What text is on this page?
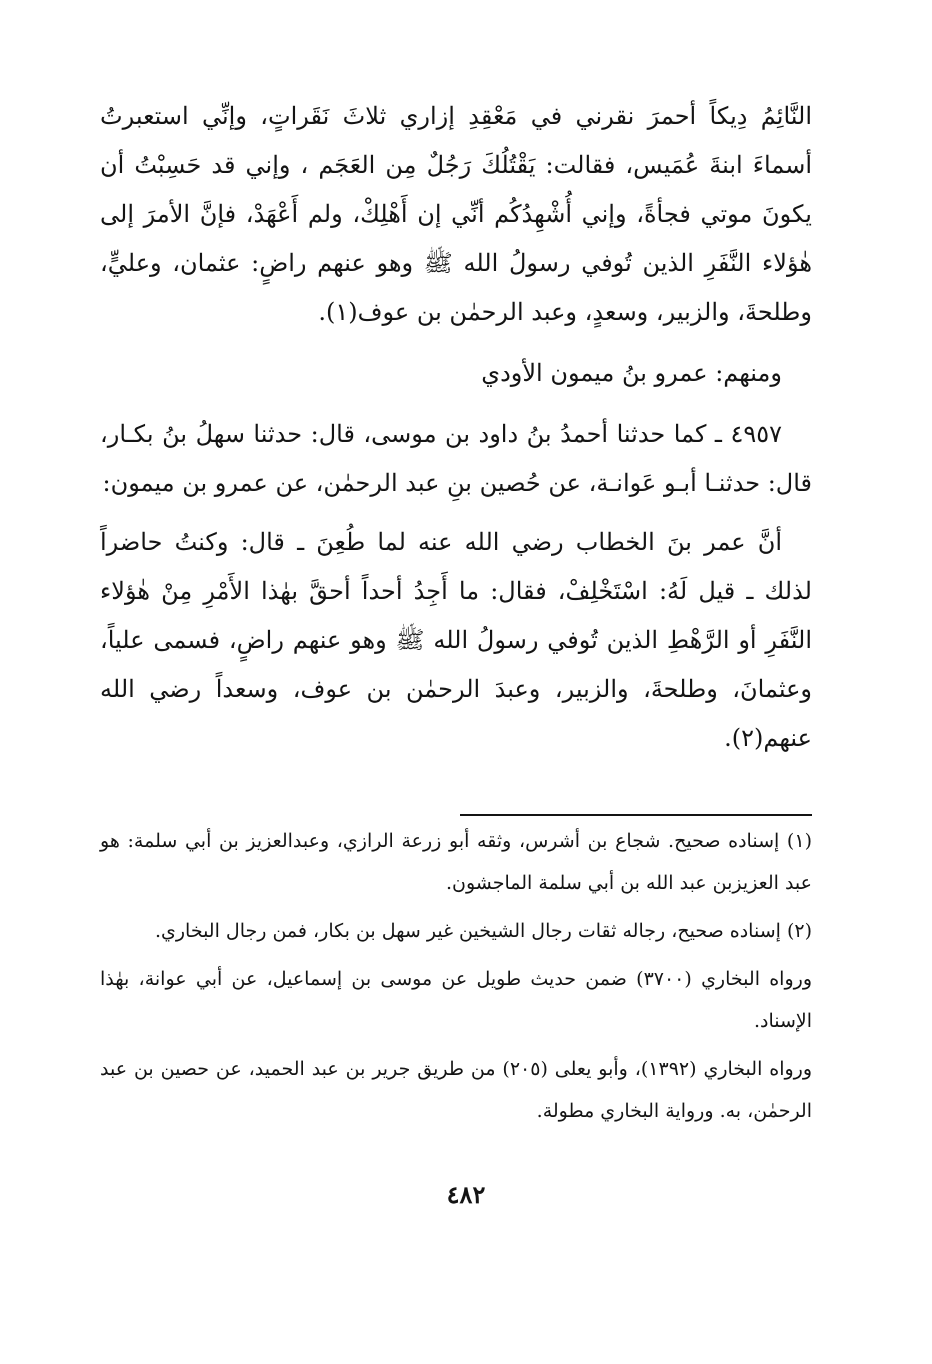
النَّائِمُ دِيكاً أحمرَ نقرني في مَعْقِدِ إزاري ثلاثَ نَقَراتٍ، وإنِّي استعبرتُ أسماءَ ابنةَ عُمَيس، فقالت: يَقْتُلُكَ رَجُلٌ مِن العَجَم ، وإني قد حَسِبْتُ أن يكونَ موتي فجأةً، وإني أُشْهِدُكُم أنِّي إن أَهْلِكْ، ولم أَعْهَدْ، فإنَّ الأمرَ إلى هٰؤلاء النَّفَرِ الذين تُوفي رسولُ الله ﷺ وهو عنهم راضٍ: عثمان، وعليٍّ، وطلحةَ، والزبير، وسعدٍ، وعبد الرحمٰن بن عوف(١).

ومنهم: عمرو بنُ ميمون الأودي

٤٩٥٧ ـ كما حدثنا أحمدُ بنُ داود بن موسى، قال: حدثنا سهلُ بنُ بكـار، قال: حدثنـا أبـو عَوانـة، عن حُصين بنِ عبد الرحمٰن، عن عمرو بن ميمون:

أنَّ عمر بنَ الخطاب رضي الله عنه لما طُعِنَ ـ قال: وكنتُ حاضراً لذلك ـ قيل لَهُ: اسْتَخْلِفْ، فقال: ما أَجِدُ أحداً أحقَّ بهٰذا الأَمْرِ مِنْ هٰؤلاء النَّفَرِ أو الرَّهْطِ الذين تُوفي رسولُ الله ﷺ وهو عنهم راضٍ، فسمى علياً، وعثمانَ، وطلحةَ، والزبير، وعبدَ الرحمٰن بن عوف، وسعداً رضي الله عنهم(٢).

(١) إسناده صحيح. شجاع بن أشرس، وثقه أبو زرعة الرازي، وعبدالعزيز بن أبي سلمة: هو عبد العزيزبن عبد الله بن أبي سلمة الماجشون.

(٢) إسناده صحيح، رجاله ثقات رجال الشيخين غير سهل بن بكار، فمن رجال البخاري.

ورواه البخاري (٣٧٠٠) ضمن حديث طويل عن موسى بن إسماعيل، عن أبي عوانة، بهٰذا الإسناد.

ورواه البخاري (١٣٩٢)، وأبو يعلى (٢٠٥) من طريق جرير بن عبد الحميد، عن حصين بن عبد الرحمٰن، به. ورواية البخاري مطولة.

٤٨٢
